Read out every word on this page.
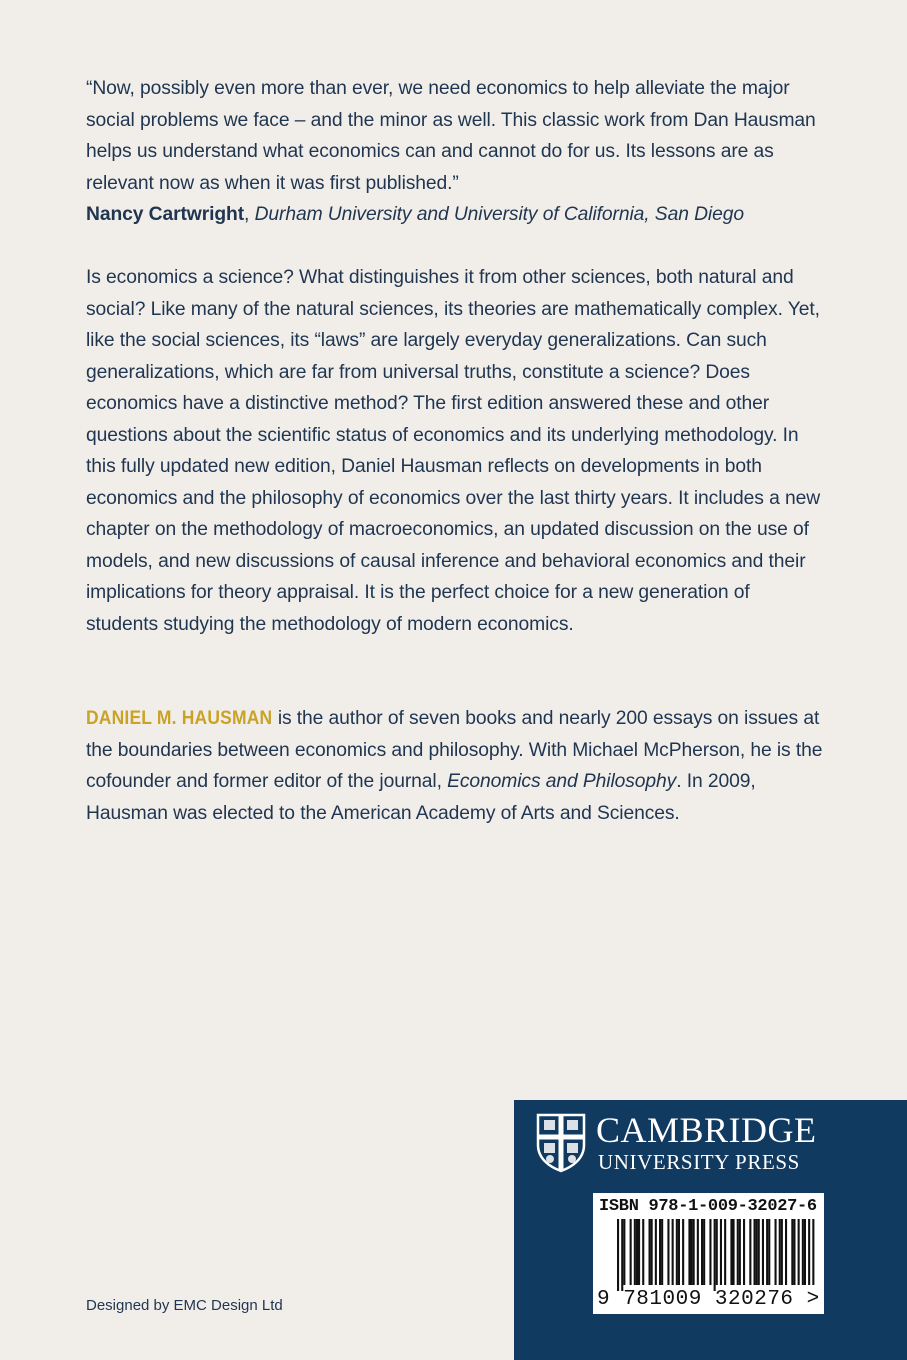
“Now, possibly even more than ever, we need economics to help alleviate the major social problems we face – and the minor as well. This classic work from Dan Hausman helps us understand what economics can and cannot do for us. Its lessons are as relevant now as when it was first published.”
Nancy Cartwright, Durham University and University of California, San Diego
Is economics a science? What distinguishes it from other sciences, both natural and social? Like many of the natural sciences, its theories are mathematically complex. Yet, like the social sciences, its “laws” are largely everyday generalizations. Can such generalizations, which are far from universal truths, constitute a science? Does economics have a distinctive method? The first edition answered these and other questions about the scientific status of economics and its underlying methodology. In this fully updated new edition, Daniel Hausman reflects on developments in both economics and the philosophy of economics over the last thirty years. It includes a new chapter on the methodology of macroeconomics, an updated discussion on the use of models, and new discussions of causal inference and behavioral economics and their implications for theory appraisal. It is the perfect choice for a new generation of students studying the methodology of modern economics.
DANIEL M. HAUSMAN is the author of seven books and nearly 200 essays on issues at the boundaries between economics and philosophy. With Michael McPherson, he is the cofounder and former editor of the journal, Economics and Philosophy. In 2009, Hausman was elected to the American Academy of Arts and Sciences.
Designed by EMC Design Ltd
CAMBRIDGE
UNIVERSITY PRESS
ISBN 978-1-009-32027-6
9 781009 320276 >
